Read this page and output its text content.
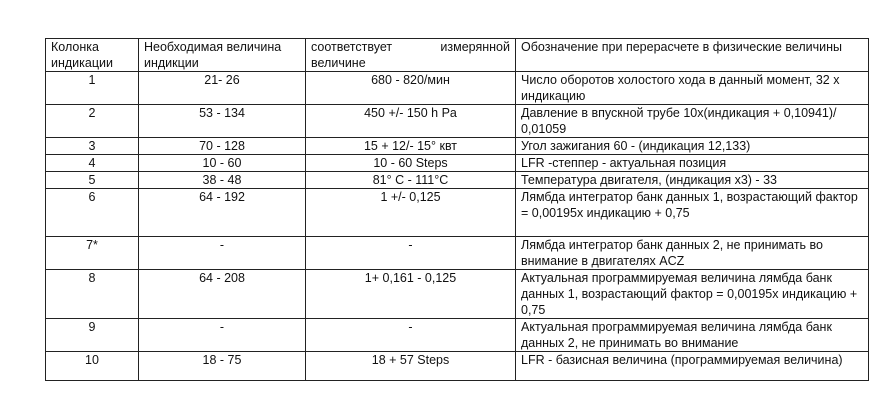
Колонка индикации	Необходимая величина индикции	соответствует измерянной величине	Обозначение при перерасчете в физические величины
1	21- 26	680 - 820/мин	Число оборотов холостого хода в данный момент, 32 х индикацию
2	53 - 134	450 +/- 150 h Pa	Давление в впускной трубе 10х(индикация + 0,10941)/ 0,01059
3	70 - 128	15 + 12/- 15° квт	Угол зажигания 60 - (индикация 12,133)
4	10 - 60	10 - 60 Steps	LFR -степпер - актуальная позиция
5	38 - 48	81° C - 111°C	Температура двигателя, (индикация х3) - 33
6	64 - 192	1 +/- 0,125	Лямбда интегратор банк данных 1, возрастающий фактор = 0,00195х индикацию + 0,75
7*	-	-	Лямбда интегратор банк данных 2, не принимать во внимание в двигателях ACZ
8	64 - 208	1+ 0,161 - 0,125	Актуальная программируемая величина лямбда банк данных 1, возрастающий фактор = 0,00195х индикацию + 0,75
9	-	-	Актуальная программируемая величина лямбда банк данных 2, не принимать во внимание
10	18 - 75	18 + 57 Steps	LFR - базисная величина (программируемая величина)
